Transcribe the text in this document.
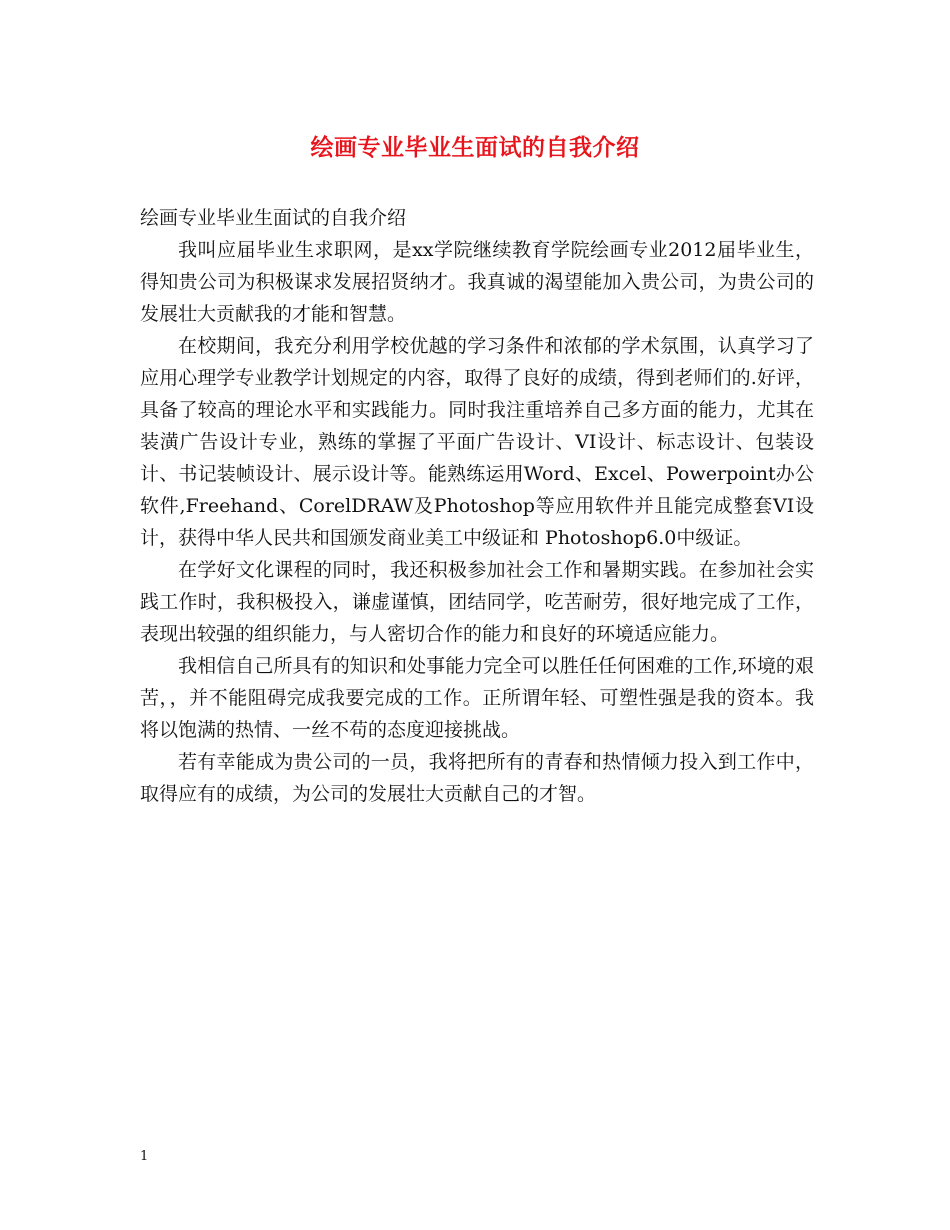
绘画专业毕业生面试的自我介绍

绘画专业毕业生面试的自我介绍

我叫应届毕业生求职网，是xx学院继续教育学院绘画专业2012届毕业生，得知贵公司为积极谋求发展招贤纳才。我真诚的渴望能加入贵公司，为贵公司的发展壮大贡献我的才能和智慧。

在校期间，我充分利用学校优越的学习条件和浓郁的学术氛围，认真学习了应用心理学专业教学计划规定的内容，取得了良好的成绩，得到老师们的.好评，具备了较高的理论水平和实践能力。同时我注重培养自己多方面的能力，尤其在装潢广告设计专业，熟练的掌握了平面广告设计、VI设计、标志设计、包装设计、书记装帧设计、展示设计等。能熟练运用Word、Excel、Powerpoint办公软件,Freehand、CorelDRAW及Photoshop等应用软件并且能完成整套VI设计，获得中华人民共和国颁发商业美工中级证和 Photoshop6.0中级证。

在学好文化课程的同时，我还积极参加社会工作和暑期实践。在参加社会实践工作时，我积极投入，谦虚谨慎，团结同学，吃苦耐劳，很好地完成了工作，表现出较强的组织能力，与人密切合作的能力和良好的环境适应能力。

我相信自己所具有的知识和处事能力完全可以胜任任何困难的工作,环境的艰苦，，并不能阻碍完成我要完成的工作。正所谓年轻、可塑性强是我的资本。我将以饱满的热情、一丝不苟的态度迎接挑战。

若有幸能成为贵公司的一员，我将把所有的青春和热情倾力投入到工作中，取得应有的成绩，为公司的发展壮大贡献自己的才智。

1
